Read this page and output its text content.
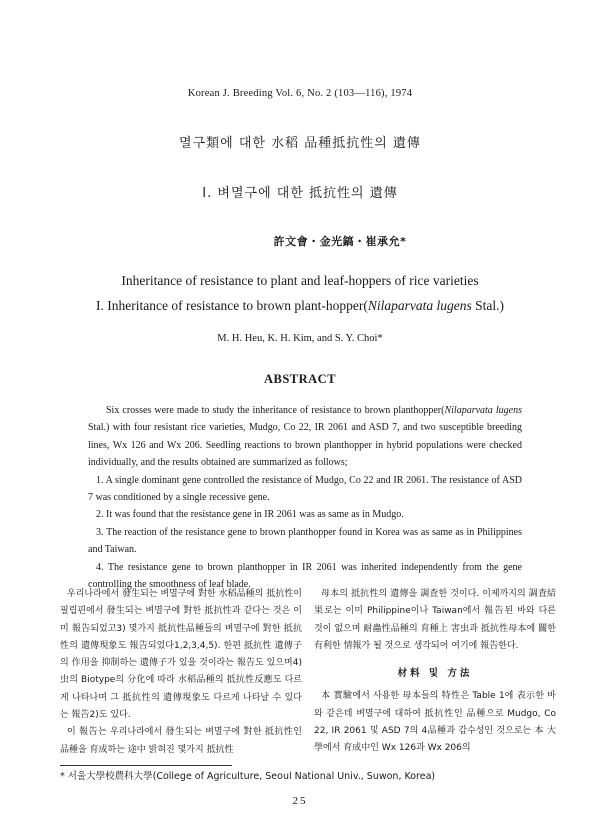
Korean J. Breeding Vol. 6, No. 2 (103—116), 1974
멸구類에 대한 水稻 品種抵抗性의 遺傳
I. 벼멸구에 대한 抵抗性의 遺傳
許文會・金光鎬・崔承允*
Inheritance of resistance to plant and leaf-hoppers of rice varieties
I. Inheritance of resistance to brown plant-hopper(Nilaparvata lugens Stal.)
M. H. Heu, K. H. Kim, and S. Y. Choi*
ABSTRACT

Six crosses were made to study the inheritance of resistance to brown planthopper(Nilaparvata lugens Stal.) with four resistant rice varieties, Mudgo, Co 22, IR 2061 and ASD 7, and two susceptible breeding lines, Wx 126 and Wx 206. Seedling reactions to brown planthopper in hybrid populations were checked individually, and the results obtained are summarized as follows;

1. A single dominant gene controlled the resistance of Mudgo, Co 22 and IR 2061. The resistance of ASD 7 was conditioned by a single recessive gene.

2. It was found that the resistance gene in IR 2061 was as same as in Mudgo.

3. The reaction of the resistance gene to brown planthopper found in Korea was as same as in Philippines and Taiwan.

4. The resistance gene to brown planthopper in IR 2061 was inherited independently from the gene controlling the smoothness of leaf blade.

우리나라에서 發生되는 벼멸구에 對한 水稻品種의 抵抗性이 필립핀에서 發生되는 벼멸구에 對한 抵抗性과 같다는 것은 이미 報告되었고3) 몇가지 抵抗性品種들의 벼멸구에 對한 抵抗性의 遺傳現象도 報告되었다1,2,3,4,5). 한편 抵抗性 遺傳子의 作用을 抑制하는 遺傳子가 있을 것이라는 報告도 있으며4) 虫의 Biotype의 分化에 따라 水稻品種의 抵抗性反應도 다르게 나타나며 그 抵抗性의 遺傳現象도 다르게 나타날 수 있다는 報告2)도 있다.

이 報告는 우리나라에서 發生되는 벼멸구에 對한 抵抗性인 品種을 育成하는 途中 밝혀진 몇가지 抵抗性

母本의 抵抗性의 遺傳을 調査한 것이다. 이제까지의 調査結果로는 이미 Philippine이나 Taiwan에서 報告된 바와 다른 것이 없으며 耐蟲性品種의 育種上 害虫과 抵抗性母本에 關한 有利한 情報가 될 것으로 생각되어 여기에 報告한다.

材料 및 方法

本 實驗에서 사용한 母本들의 特性은 Table 1에 表示한 바와 같은데 벼멸구에 대하여 抵抗性인 品種으로 Mudgo, Co 22, IR 2061 및 ASD 7의 4品種과 감수성인 것으로는 本 大學에서 育成中인 Wx 126과 Wx 206의

* 서울大學校農科大學(College of Agriculture, Seoul National Univ., Suwon, Korea)
25
